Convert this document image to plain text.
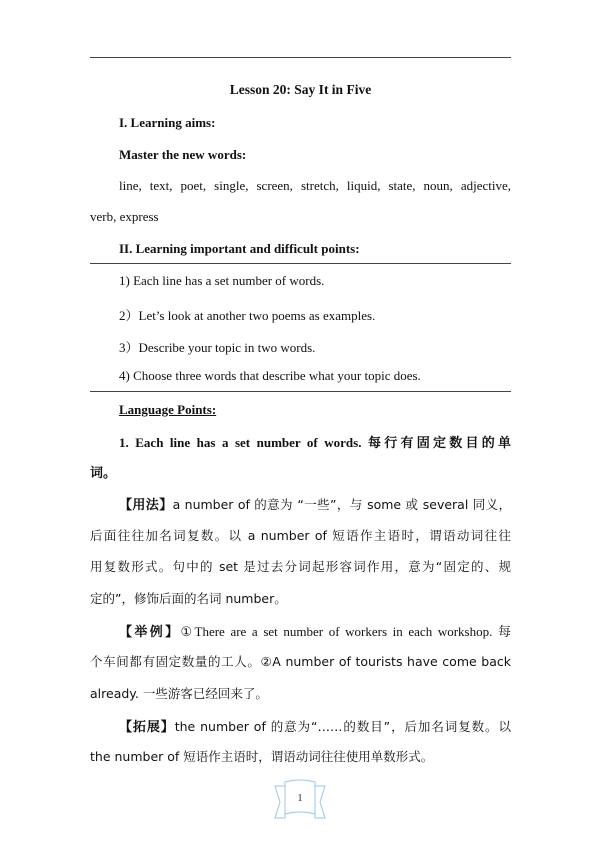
Lesson 20: Say It in Five
I. Learning aims:
Master the new words:
line, text, poet, single, screen, stretch, liquid, state, noun, adjective,
verb, express
II. Learning important and difficult points:
1) Each line has a set number of words.
2）Let’s look at another two poems as examples.
3）Describe your topic in two words.
4) Choose three words that describe what your topic does.
Language Points:
1. Each line has a set number of words. 每行有固定数目的单
词。
【用法】a number of 的意为 “一些”，与 some 或 several 同义，
后面往往加名词复数。以 a number of 短语作主语时，谓语动词往往
用复数形式。句中的 set 是过去分词起形容词作用，意为“固定的、规
定的”，修饰后面的名词 number。
【举例】①There are a set number of workers in each workshop. 每
个车间都有固定数量的工人。②A number of tourists have come back
already. 一些游客已经回来了。
【拓展】the number of 的意为“……的数目”，后加名词复数。以
the number of 短语作主语时，谓语动词往往使用单数形式。
1
